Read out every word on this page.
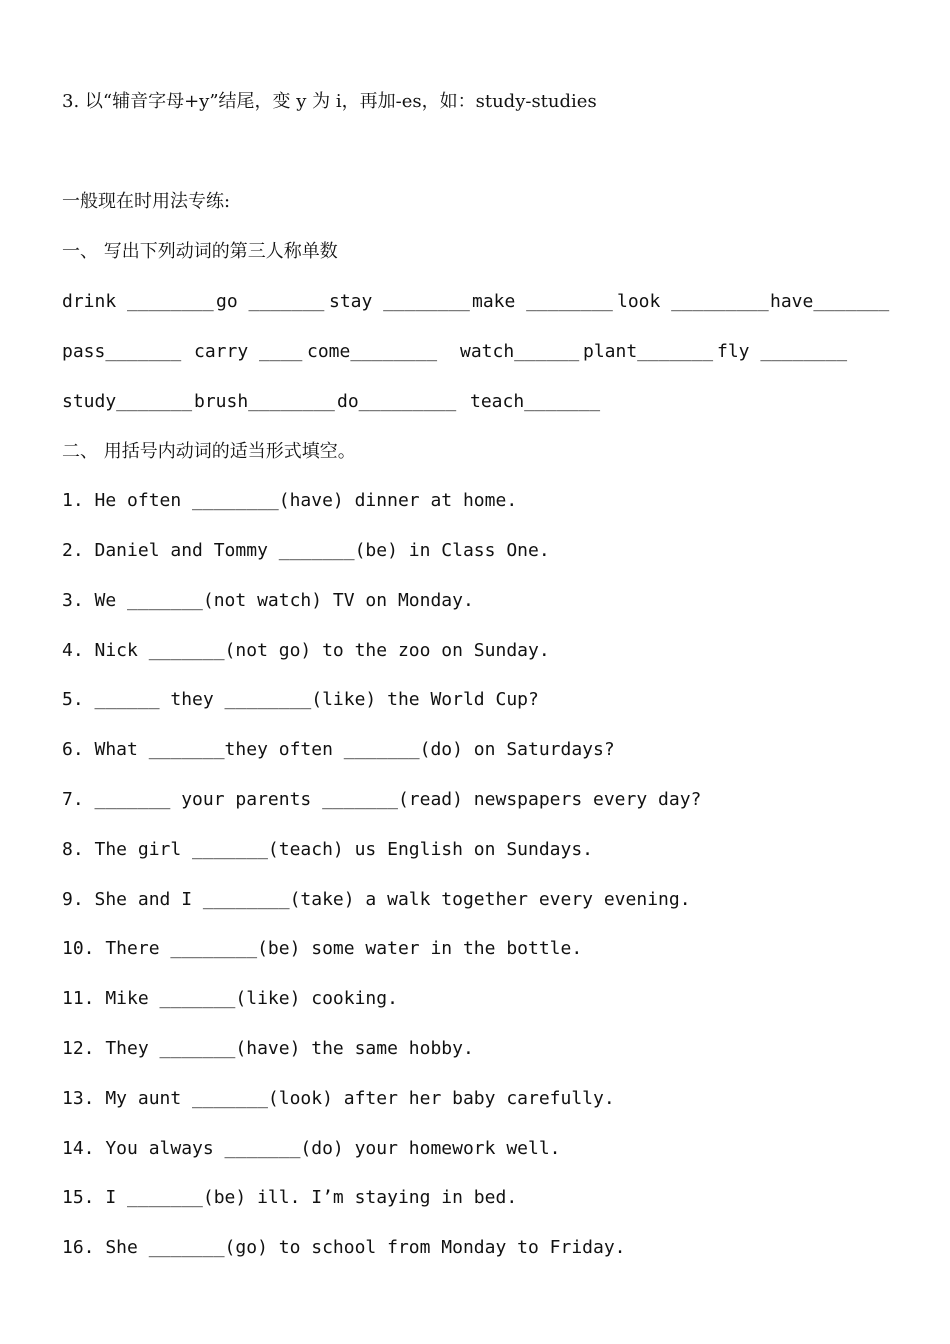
3. 以“辅音字母+y”结尾，变 y 为 i，再加-es，如：study-studies
一般现在时用法专练:
一、 写出下列动词的第三人称单数

drink ________

go _______

stay ________

make ________

look _________

have_______

pass_______

carry ____

come________

watch______

plant_______

fly ________

study_______

brush________

do_________

teach_______

二、 用括号内动词的适当形式填空。
1. He often ________(have) dinner at home.
2. Daniel and Tommy _______(be) in Class One.
3. We _______(not watch) TV on Monday.
4. Nick _______(not go) to the zoo on Sunday.
5. ______ they ________(like) the World Cup?
6. What _______they often _______(do) on Saturdays?
7. _______ your parents _______(read) newspapers every day?
8. The girl _______(teach) us English on Sundays.
9. She and I ________(take) a walk together every evening.
10. There ________(be) some water in the bottle.
11. Mike _______(like) cooking.
12. They _______(have) the same hobby.
13. My aunt _______(look) after her baby carefully.
14. You always _______(do) your homework well.
15. I _______(be) ill. I’m staying in bed.
16. She _______(go) to school from Monday to Friday.
